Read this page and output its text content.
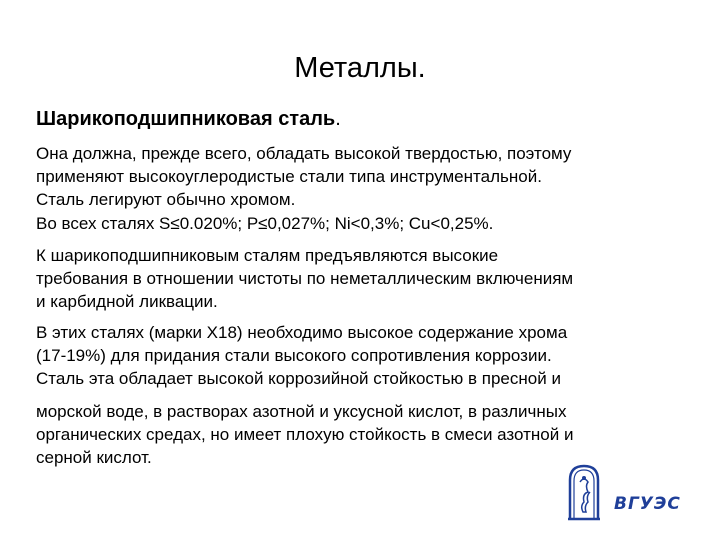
Металлы.
Шарикоподшипниковая сталь.

Она должна, прежде всего, обладать высокой твердостью, поэтому
применяют высокоуглеродистые стали типа инструментальной.
Сталь легируют обычно хромом.

Во всех сталях S≤0.020%; P≤0,027%; Ni<0,3%; Cu<0,25%.

К шарикоподшипниковым сталям предъявляются высокие
требования в отношении чистоты по неметаллическим включениям
и карбидной ликвации.

В этих сталях (марки Х18) необходимо высокое содержание хрома
(17-19%) для придания стали высокого сопротивления коррозии.
Сталь эта обладает высокой коррозийной стойкостью в пресной и

морской воде, в растворах азотной и уксусной кислот, в различных
органических средах, но имеет плохую стойкость в смеси азотной и
серной кислот.

ВГУЭС
